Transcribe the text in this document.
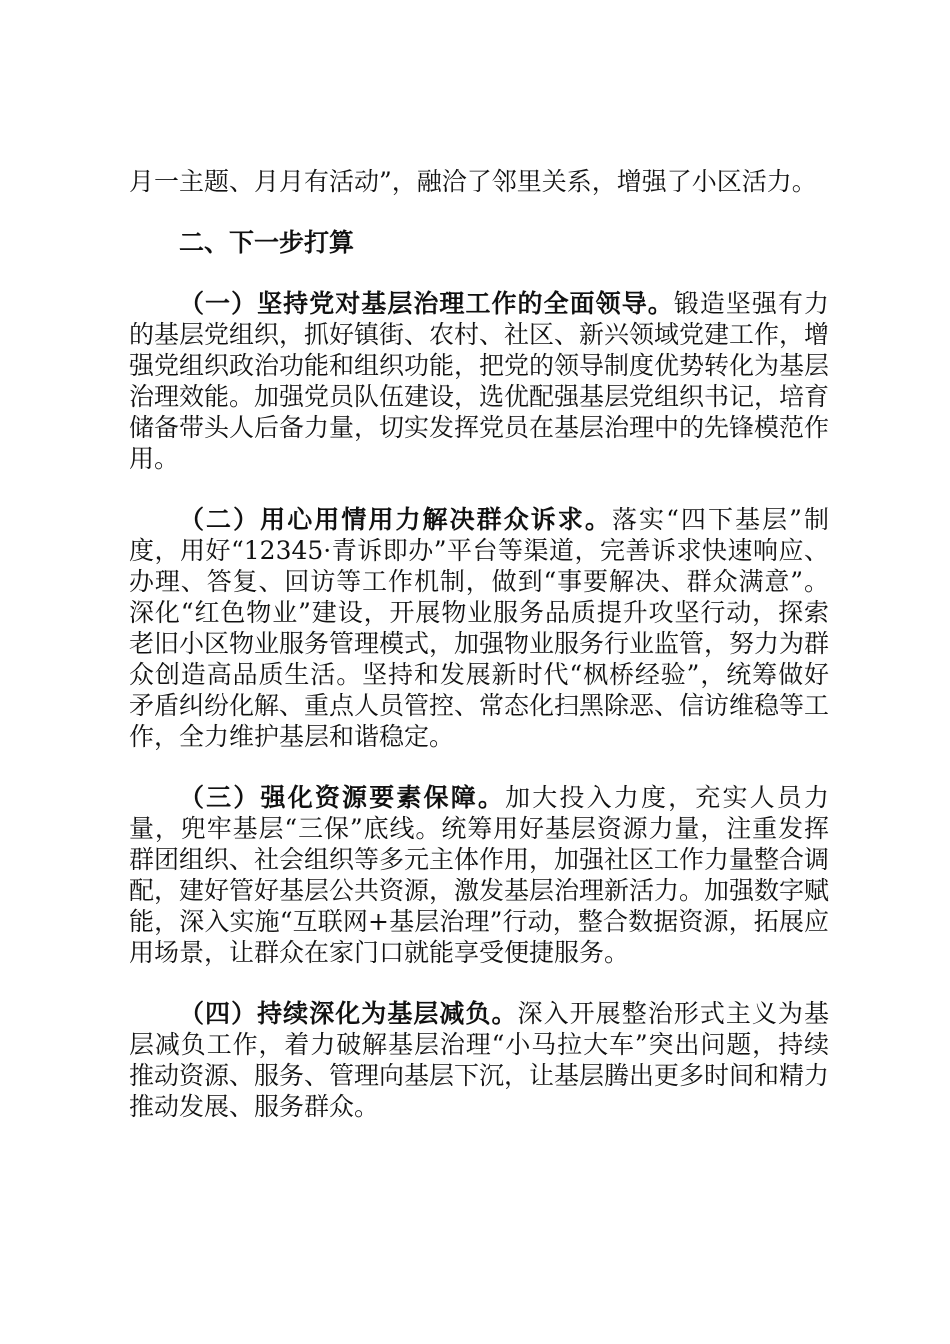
月一主题、月月有活动”，融洽了邻里关系，增强了小区活力。

二、下一步打算

（一）坚持党对基层治理工作的全面领导。锻造坚强有力的基层党组织，抓好镇街、农村、社区、新兴领域党建工作，增强党组织政治功能和组织功能，把党的领导制度优势转化为基层治理效能。加强党员队伍建设，选优配强基层党组织书记，培育储备带头人后备力量，切实发挥党员在基层治理中的先锋模范作用。

（二）用心用情用力解决群众诉求。落实“四下基层”制度，用好“12345·青诉即办”平台等渠道，完善诉求快速响应、办理、答复、回访等工作机制，做到“事要解决、群众满意”。深化“红色物业”建设，开展物业服务品质提升攻坚行动，探索老旧小区物业服务管理模式，加强物业服务行业监管，努力为群众创造高品质生活。坚持和发展新时代“枫桥经验”，统筹做好矛盾纠纷化解、重点人员管控、常态化扫黑除恶、信访维稳等工作，全力维护基层和谐稳定。

（三）强化资源要素保障。加大投入力度，充实人员力量，兜牢基层“三保”底线。统筹用好基层资源力量，注重发挥群团组织、社会组织等多元主体作用，加强社区工作力量整合调配，建好管好基层公共资源，激发基层治理新活力。加强数字赋能，深入实施“互联网+基层治理”行动，整合数据资源，拓展应用场景，让群众在家门口就能享受便捷服务。

（四）持续深化为基层减负。深入开展整治形式主义为基层减负工作，着力破解基层治理“小马拉大车”突出问题，持续推动资源、服务、管理向基层下沉，让基层腾出更多时间和精力推动发展、服务群众。
